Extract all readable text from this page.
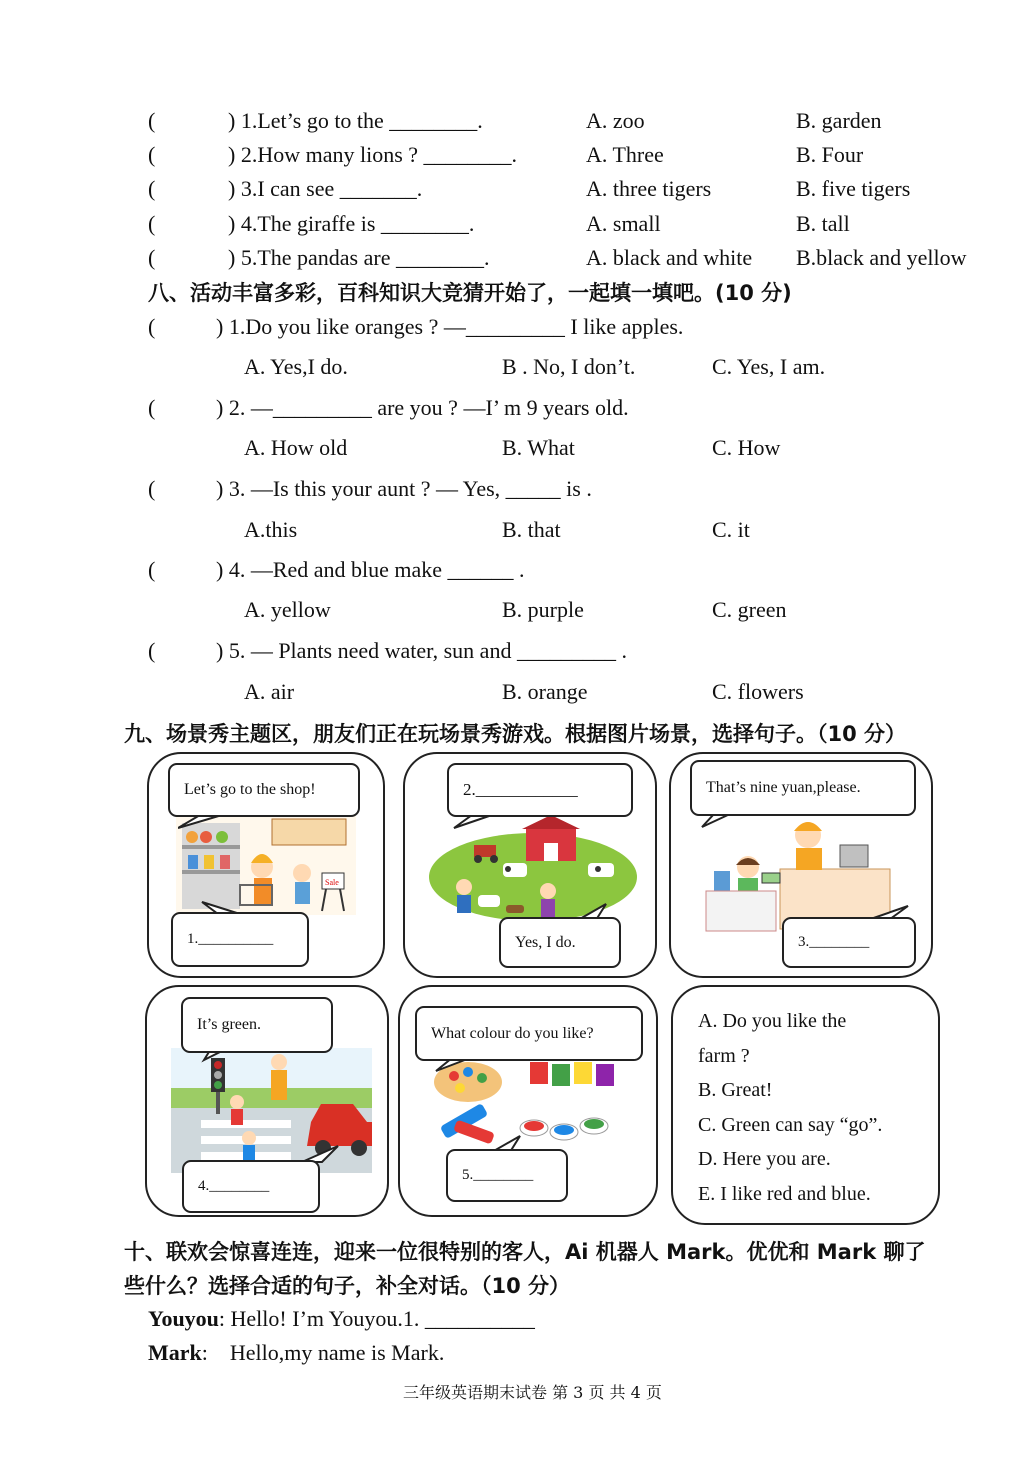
(	) 1.Let’s go to the ________.	A. zoo	B. garden
(	) 2.How many lions ? ________.	A. Three	B. Four
(	) 3.I can see _______.	A. three tigers	B. five tigers
(	) 4.The giraffe is ________.	A. small	B. tall
(	) 5.The pandas are ________.	A. black and white B.black and yellow
八、活动丰富多彩，百科知识大竞猜开始了，一起填一填吧。(10 分)
(	) 1.Do you like oranges ? —_________ I like apples.
A. Yes,I do.	B . No, I don’t.	C. Yes, I am.
(	) 2. —_________ are you ? —I’ m 9 years old.
A. How old	B. What	C. How
(	) 3. —Is this your aunt ? — Yes, _____ is .
A.this	B. that	C. it
(	) 4. —Red and blue make ______ .
A. yellow	B. purple	C. green
(	) 5. — Plants need water, sun and _________ .
A. air	B. orange	C. flowers
九、场景秀主题区，朋友们正在玩场景秀游戏。根据图片场景，选择句子。（10 分）
Sale
Let’s go to the shop!
1.__________
2.____________
Yes, I do.
That’s nine yuan,please.
3.________
It’s green.
4.________
What colour do you like?
5.________
A. Do you like the
farm ?
B. Great!
C. Green can say “go”.
D. Here you are.
E. I like red and blue.
十、联欢会惊喜连连，迎来一位很特别的客人，Ai 机器人 Mark。优优和 Mark 聊了
些什么？选择合适的句子，补全对话。（10 分）
Youyou: Hello! I’m Youyou.1. __________
Mark:    Hello,my name is Mark.
三年级英语期末试卷 第 3 页 共 4 页
